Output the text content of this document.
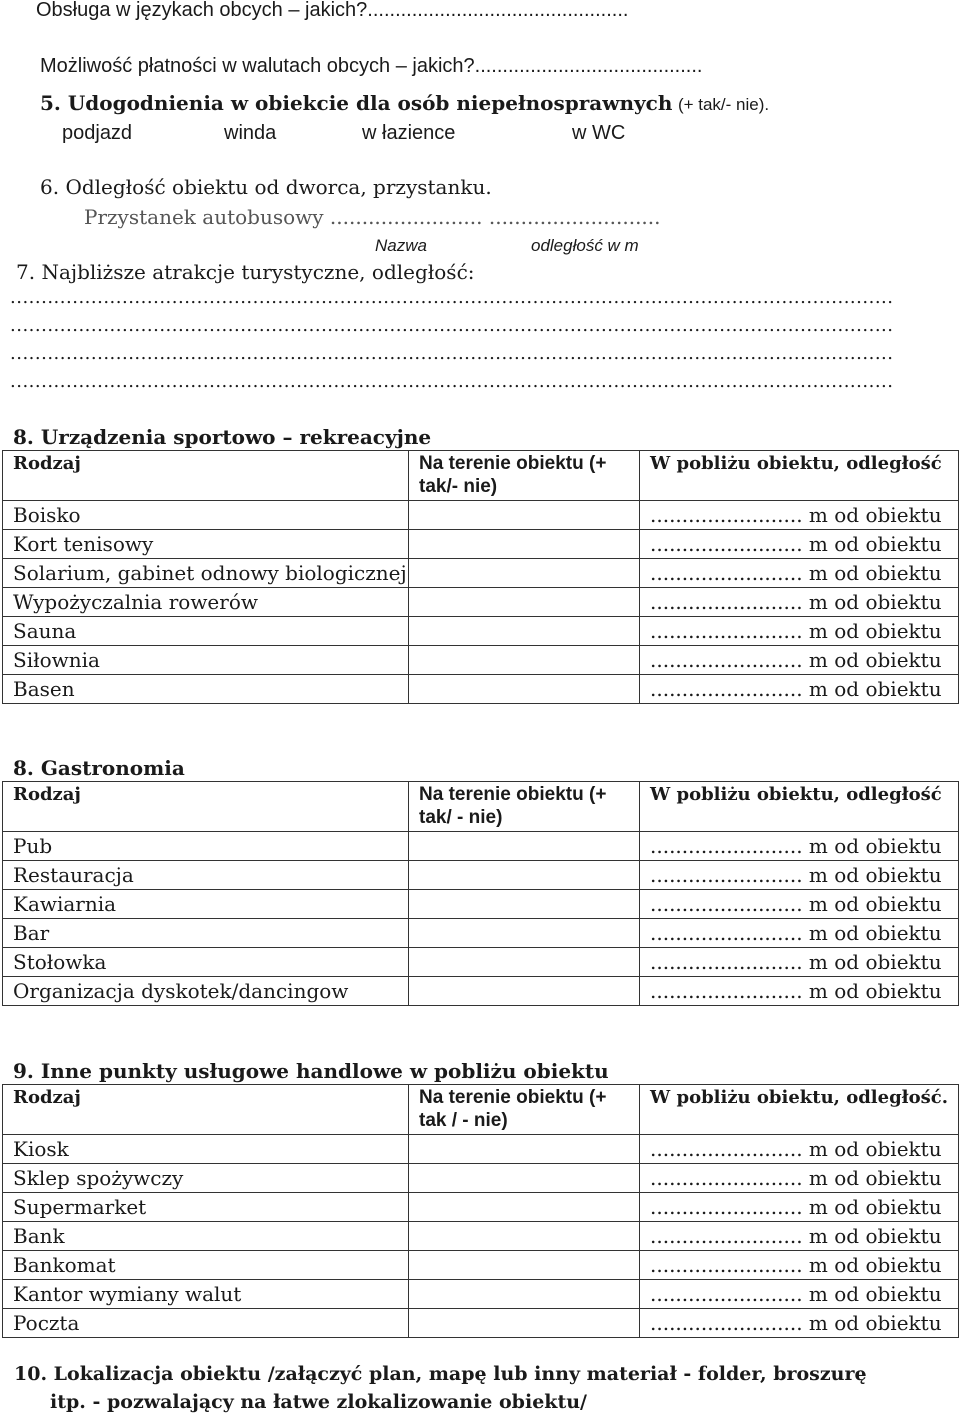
Obsługa w językach obcych – jakich?...............................................
Możliwość płatności w walutach obcych – jakich?.........................................
5. Udogodnienia w obiekcie dla osób niepełnosprawnych (+ tak/- nie).
podjazd	winda	w łazience	w WC
6. Odległość obiektu od dworca, przystanku.
Przystanek autobusowy ........................ ...........................
Nazwa	odległość w m
7. Najbliższe atrakcje turystyczne, odległość:
..............................................................................................................................................
..............................................................................................................................................
..............................................................................................................................................
..............................................................................................................................................
8. Urządzenia sportowo – rekreacyjne
Rodzaj	Na terenie obiektu (+ tak/- nie)	W pobliżu obiektu, odległość
Boisko		........................ m od obiektu
Kort tenisowy		........................ m od obiektu
Solarium, gabinet odnowy biologicznej		........................ m od obiektu
Wypożyczalnia rowerów		........................ m od obiektu
Sauna		........................ m od obiektu
Siłownia		........................ m od obiektu
Basen		........................ m od obiektu
8. Gastronomia
Rodzaj	Na terenie obiektu (+ tak/ - nie)	W pobliżu obiektu, odległość
Pub		........................ m od obiektu
Restauracja		........................ m od obiektu
Kawiarnia		........................ m od obiektu
Bar		........................ m od obiektu
Stołowka		........................ m od obiektu
Organizacja dyskotek/dancingow		........................ m od obiektu
9. Inne punkty usługowe handlowe w pobliżu obiektu
Rodzaj	Na terenie obiektu (+ tak / - nie)	W pobliżu obiektu, odległość.
Kiosk		........................ m od obiektu
Sklep spożywczy		........................ m od obiektu
Supermarket		........................ m od obiektu
Bank		........................ m od obiektu
Bankomat		........................ m od obiektu
Kantor wymiany walut		........................ m od obiektu
Poczta		........................ m od obiektu
10. Lokalizacja obiektu /załączyć plan, mapę lub inny materiał - folder, broszurę
itp. - pozwalający na łatwe zlokalizowanie obiektu/
